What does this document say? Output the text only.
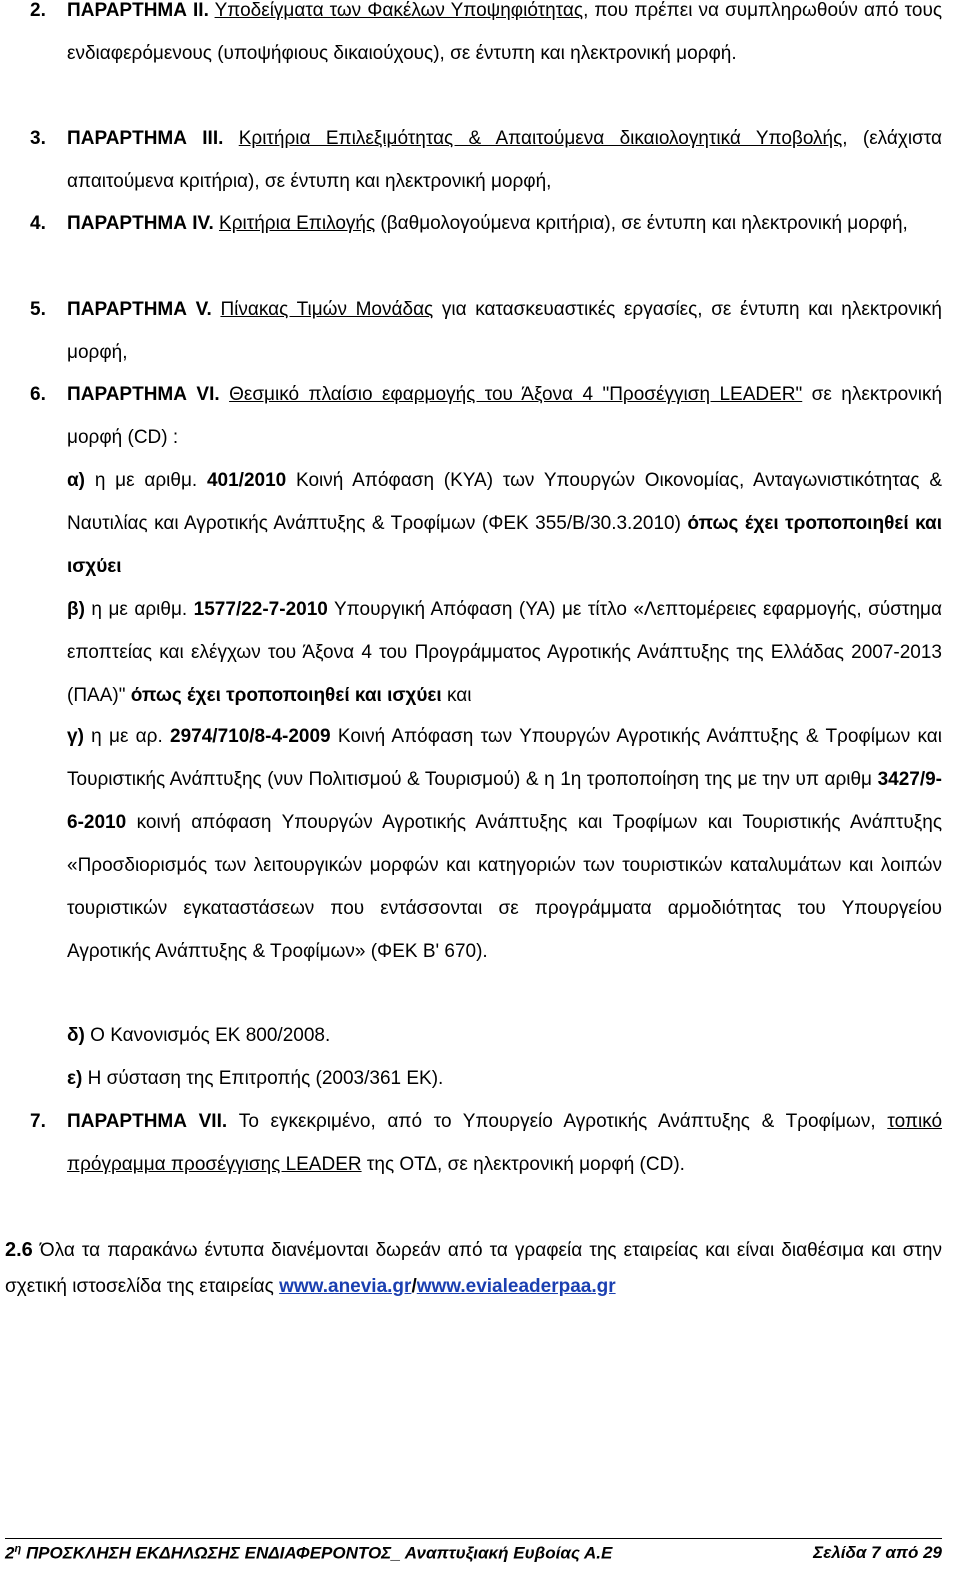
2. ΠΑΡΑΡΤΗΜΑ ΙΙ. Υποδείγματα των Φακέλων Υποψηφιότητας, που πρέπει να συμπληρωθούν από τους ενδιαφερόμενους (υποψήφιους δικαιούχους), σε έντυπη και ηλεκτρονική μορφή.
3. ΠΑΡΑΡΤΗΜΑ ΙΙΙ. Κριτήρια Επιλεξιμότητας & Απαιτούμενα δικαιολογητικά Υποβολής, (ελάχιστα απαιτούμενα κριτήρια), σε έντυπη και ηλεκτρονική μορφή,
4. ΠΑΡΑΡΤΗΜΑ IV. Κριτήρια Επιλογής (βαθμολογούμενα κριτήρια), σε έντυπη και ηλεκτρονική μορφή,
5. ΠΑΡΑΡΤΗΜΑ V. Πίνακας Τιμών Μονάδας για κατασκευαστικές εργασίες, σε έντυπη και ηλεκτρονική μορφή,
6. ΠΑΡΑΡΤΗΜΑ VI. Θεσμικό πλαίσιο εφαρμογής του Άξονα 4 "Προσέγγιση LEADER" σε ηλεκτρονική μορφή (CD) :
α) η με αριθμ. 401/2010 Κοινή Απόφαση (ΚΥΑ) των Υπουργών Οικονομίας, Ανταγωνιστικότητας & Ναυτιλίας και Αγροτικής Ανάπτυξης & Τροφίμων (ΦΕΚ 355/Β/30.3.2010) όπως έχει τροποποιηθεί και ισχύει
β) η με αριθμ. 1577/22-7-2010 Υπουργική Απόφαση (ΥΑ) με τίτλο «Λεπτομέρειες εφαρμογής, σύστημα εποπτείας και ελέγχων του Άξονα 4 του Προγράμματος Αγροτικής Ανάπτυξης της Ελλάδας 2007-2013 (ΠΑΑ)" όπως έχει τροποποιηθεί και ισχύει και
γ) η με αρ. 2974/710/8-4-2009 Κοινή Απόφαση των Υπουργών Αγροτικής Ανάπτυξης & Τροφίμων και Τουριστικής Ανάπτυξης (νυν Πολιτισμού & Τουρισμού) & η 1η τροποποίηση της με την υπ αριθμ 3427/9-6-2010 κοινή απόφαση Υπουργών Αγροτικής Ανάπτυξης και Τροφίμων και Τουριστικής Ανάπτυξης «Προσδιορισμός των λειτουργικών μορφών και κατηγοριών των τουριστικών καταλυμάτων και λοιπών τουριστικών εγκαταστάσεων που εντάσσονται σε προγράμματα αρμοδιότητας του Υπουργείου Αγροτικής Ανάπτυξης & Τροφίμων» (ΦΕΚ Β' 670).
δ) Ο Κανονισμός ΕΚ 800/2008.
ε) Η σύσταση της Επιτροπής (2003/361 ΕΚ).
7. ΠΑΡΑΡΤΗΜΑ VII. Το εγκεκριμένο, από το Υπουργείο Αγροτικής Ανάπτυξης & Τροφίμων, τοπικό πρόγραμμα προσέγγισης LEADER της ΟΤΔ, σε ηλεκτρονική μορφή (CD).
2.6 Όλα τα παρακάνω έντυπα διανέμονται δωρεάν από τα γραφεία της εταιρείας και είναι διαθέσιμα και στην σχετική ιστοσελίδα της εταιρείας www.anevia.gr/www.evialeaderpaa.gr
$2^\eta$ ΠΡΟΣΚΛΗΣΗ ΕΚΔΗΛΩΣΗΣ ΕΝΔΙΑΦΕΡΟΝΤΟΣ_ Αναπτυξιακή Ευβοίας Α.Ε	Σελίδα 7 από 29
